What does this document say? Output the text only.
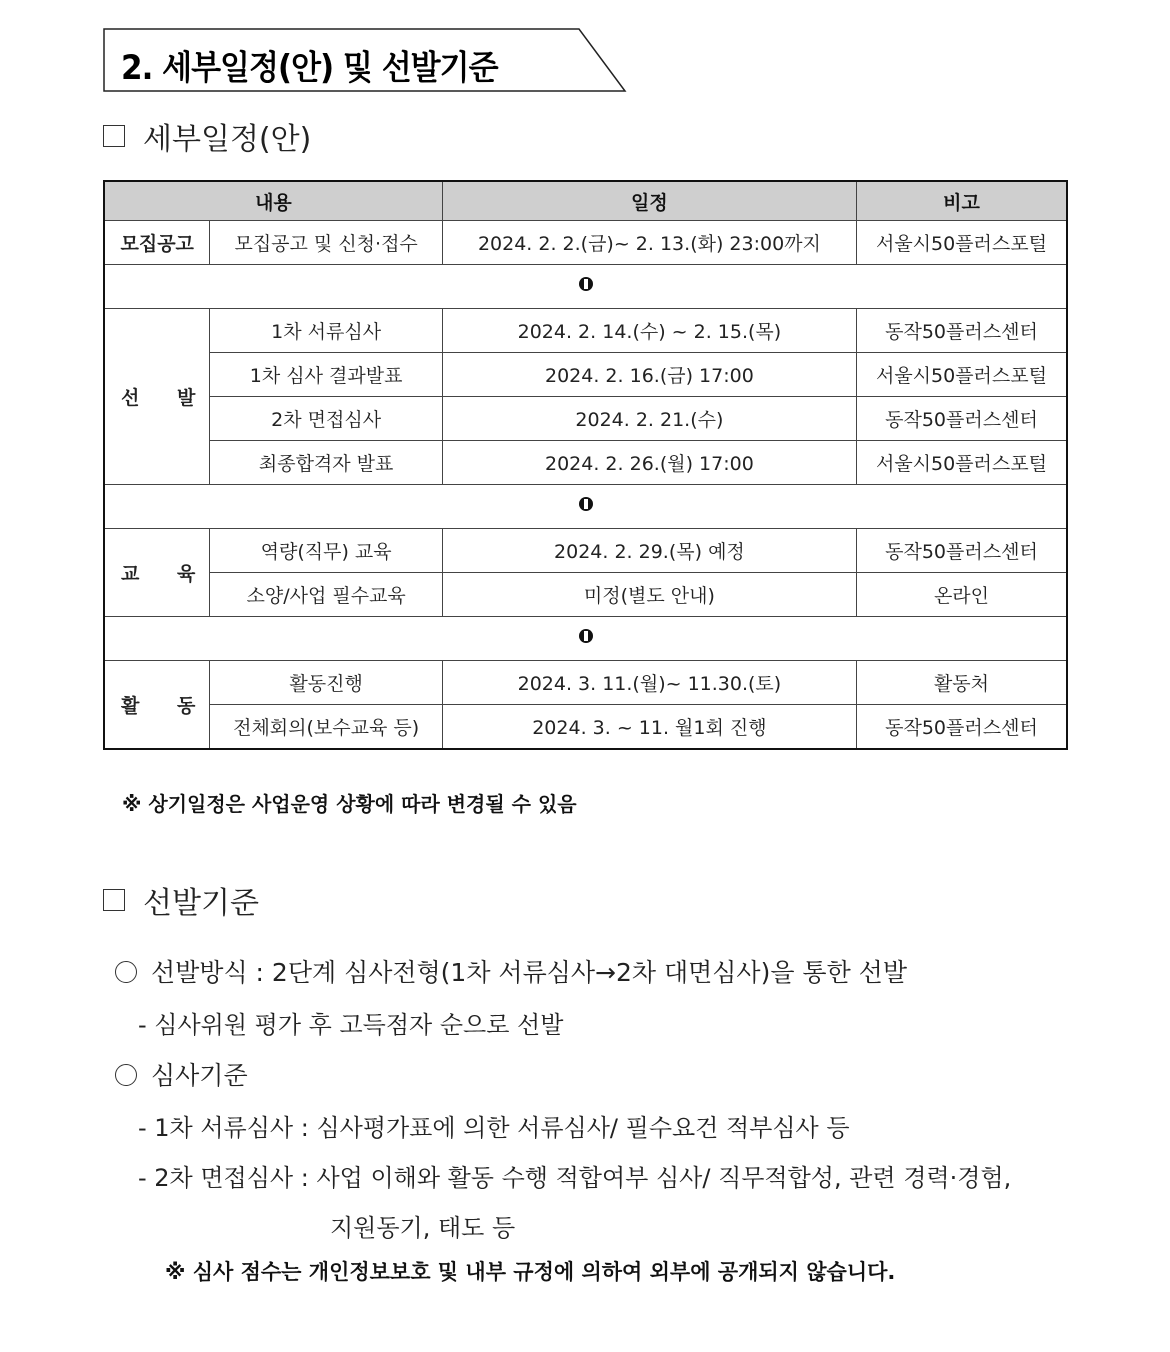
2. 세부일정(안) 및 선발기준
세부일정(안)
내용		일정	비고
모집공고	모집공고 및 신청·접수	2024. 2. 2.(금)~ 2. 13.(화) 23:00까지	서울시50플러스포털

선 발	1차 서류심사	2024. 2. 14.(수) ~ 2. 15.(목)	동작50플러스센터
	1차 심사 결과발표	2024. 2. 16.(금) 17:00	서울시50플러스포털
	2차 면접심사	2024. 2. 21.(수)	동작50플러스센터
	최종합격자 발표	2024. 2. 26.(월) 17:00	서울시50플러스포털

교 육	역량(직무) 교육	2024. 2. 29.(목) 예정	동작50플러스센터
	소양/사업 필수교육	미정(별도 안내)	온라인

활 동	활동진행	2024. 3. 11.(월)~ 11.30.(토)	활동처
	전체회의(보수교육 등)	2024. 3. ~ 11. 월1회 진행	동작50플러스센터
※ 상기일정은 사업운영 상황에 따라 변경될 수 있음
선발기준
선발방식 : 2단계 심사전형(1차 서류심사→2차 대면심사)을 통한 선발
- 심사위원 평가 후 고득점자 순으로 선발
심사기준
- 1차 서류심사 : 심사평가표에 의한 서류심사/ 필수요건 적부심사 등
- 2차 면접심사 : 사업 이해와 활동 수행 적합여부 심사/ 직무적합성, 관련 경력·경험,
지원동기, 태도 등
※ 심사 점수는 개인정보보호 및 내부 규정에 의하여 외부에 공개되지 않습니다.
